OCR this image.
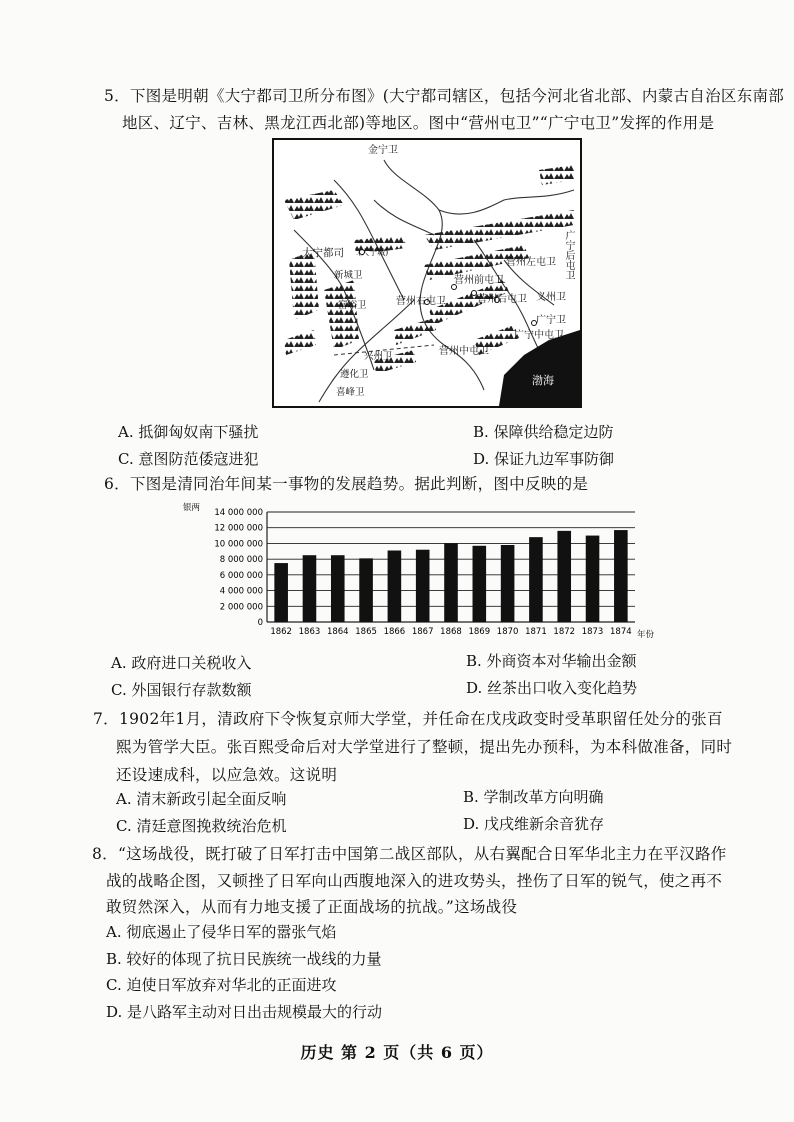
5．下图是明朝《大宁都司卫所分布图》(大宁都司辖区，包括今河北省北部、内蒙古自治区东南部
地区、辽宁、吉林、黑龙江西北部)等地区。图中“营州屯卫”“广宁屯卫”发挥的作用是
金宁卫
大宁都司 (大宁城)
新城卫
富峪卫
营州左屯卫
营州前屯卫
营州右屯卫	营州后屯卫 义州卫
广宁后屯卫
广宁卫
广宁中屯卫
营州中屯卫
兴州卫
遵化卫
喜峰卫
渤海
A. 抵御匈奴南下骚扰	B. 保障供给稳定边防
C. 意图防范倭寇进犯	D. 保证九边军事防御
6．下图是清同治年间某一事物的发展趋势。据此判断，图中反映的是
14 000 000
12 000 000
10 000 000
8 000 000
6 000 000
4 000 000
2 000 000
0
1862 1863 1864 1865 1866 1867 1868 1869 1870 1871 1872 1873 1874
银两
年份
A. 政府进口关税收入	B. 外商资本对华输出金额
C. 外国银行存款数额	D. 丝茶出口收入变化趋势
7．1902年1月，清政府下令恢复京师大学堂，并任命在戊戌政变时受革职留任处分的张百
熙为管学大臣。张百熙受命后对大学堂进行了整顿，提出先办预科，为本科做准备，同时
还设速成科，以应急效。这说明
A. 清末新政引起全面反响	B. 学制改革方向明确
C. 清廷意图挽救统治危机	D. 戊戌维新余音犹存
8．“这场战役，既打破了日军打击中国第二战区部队，从右翼配合日军华北主力在平汉路作
战的战略企图，又顿挫了日军向山西腹地深入的进攻势头，挫伤了日军的锐气，使之再不
敢贸然深入，从而有力地支援了正面战场的抗战。”这场战役
A. 彻底遏止了侵华日军的嚣张气焰
B. 较好的体现了抗日民族统一战线的力量
C. 迫使日军放弃对华北的正面进攻
D. 是八路军主动对日出击规模最大的行动
历史 第 2 页（共 6 页）
